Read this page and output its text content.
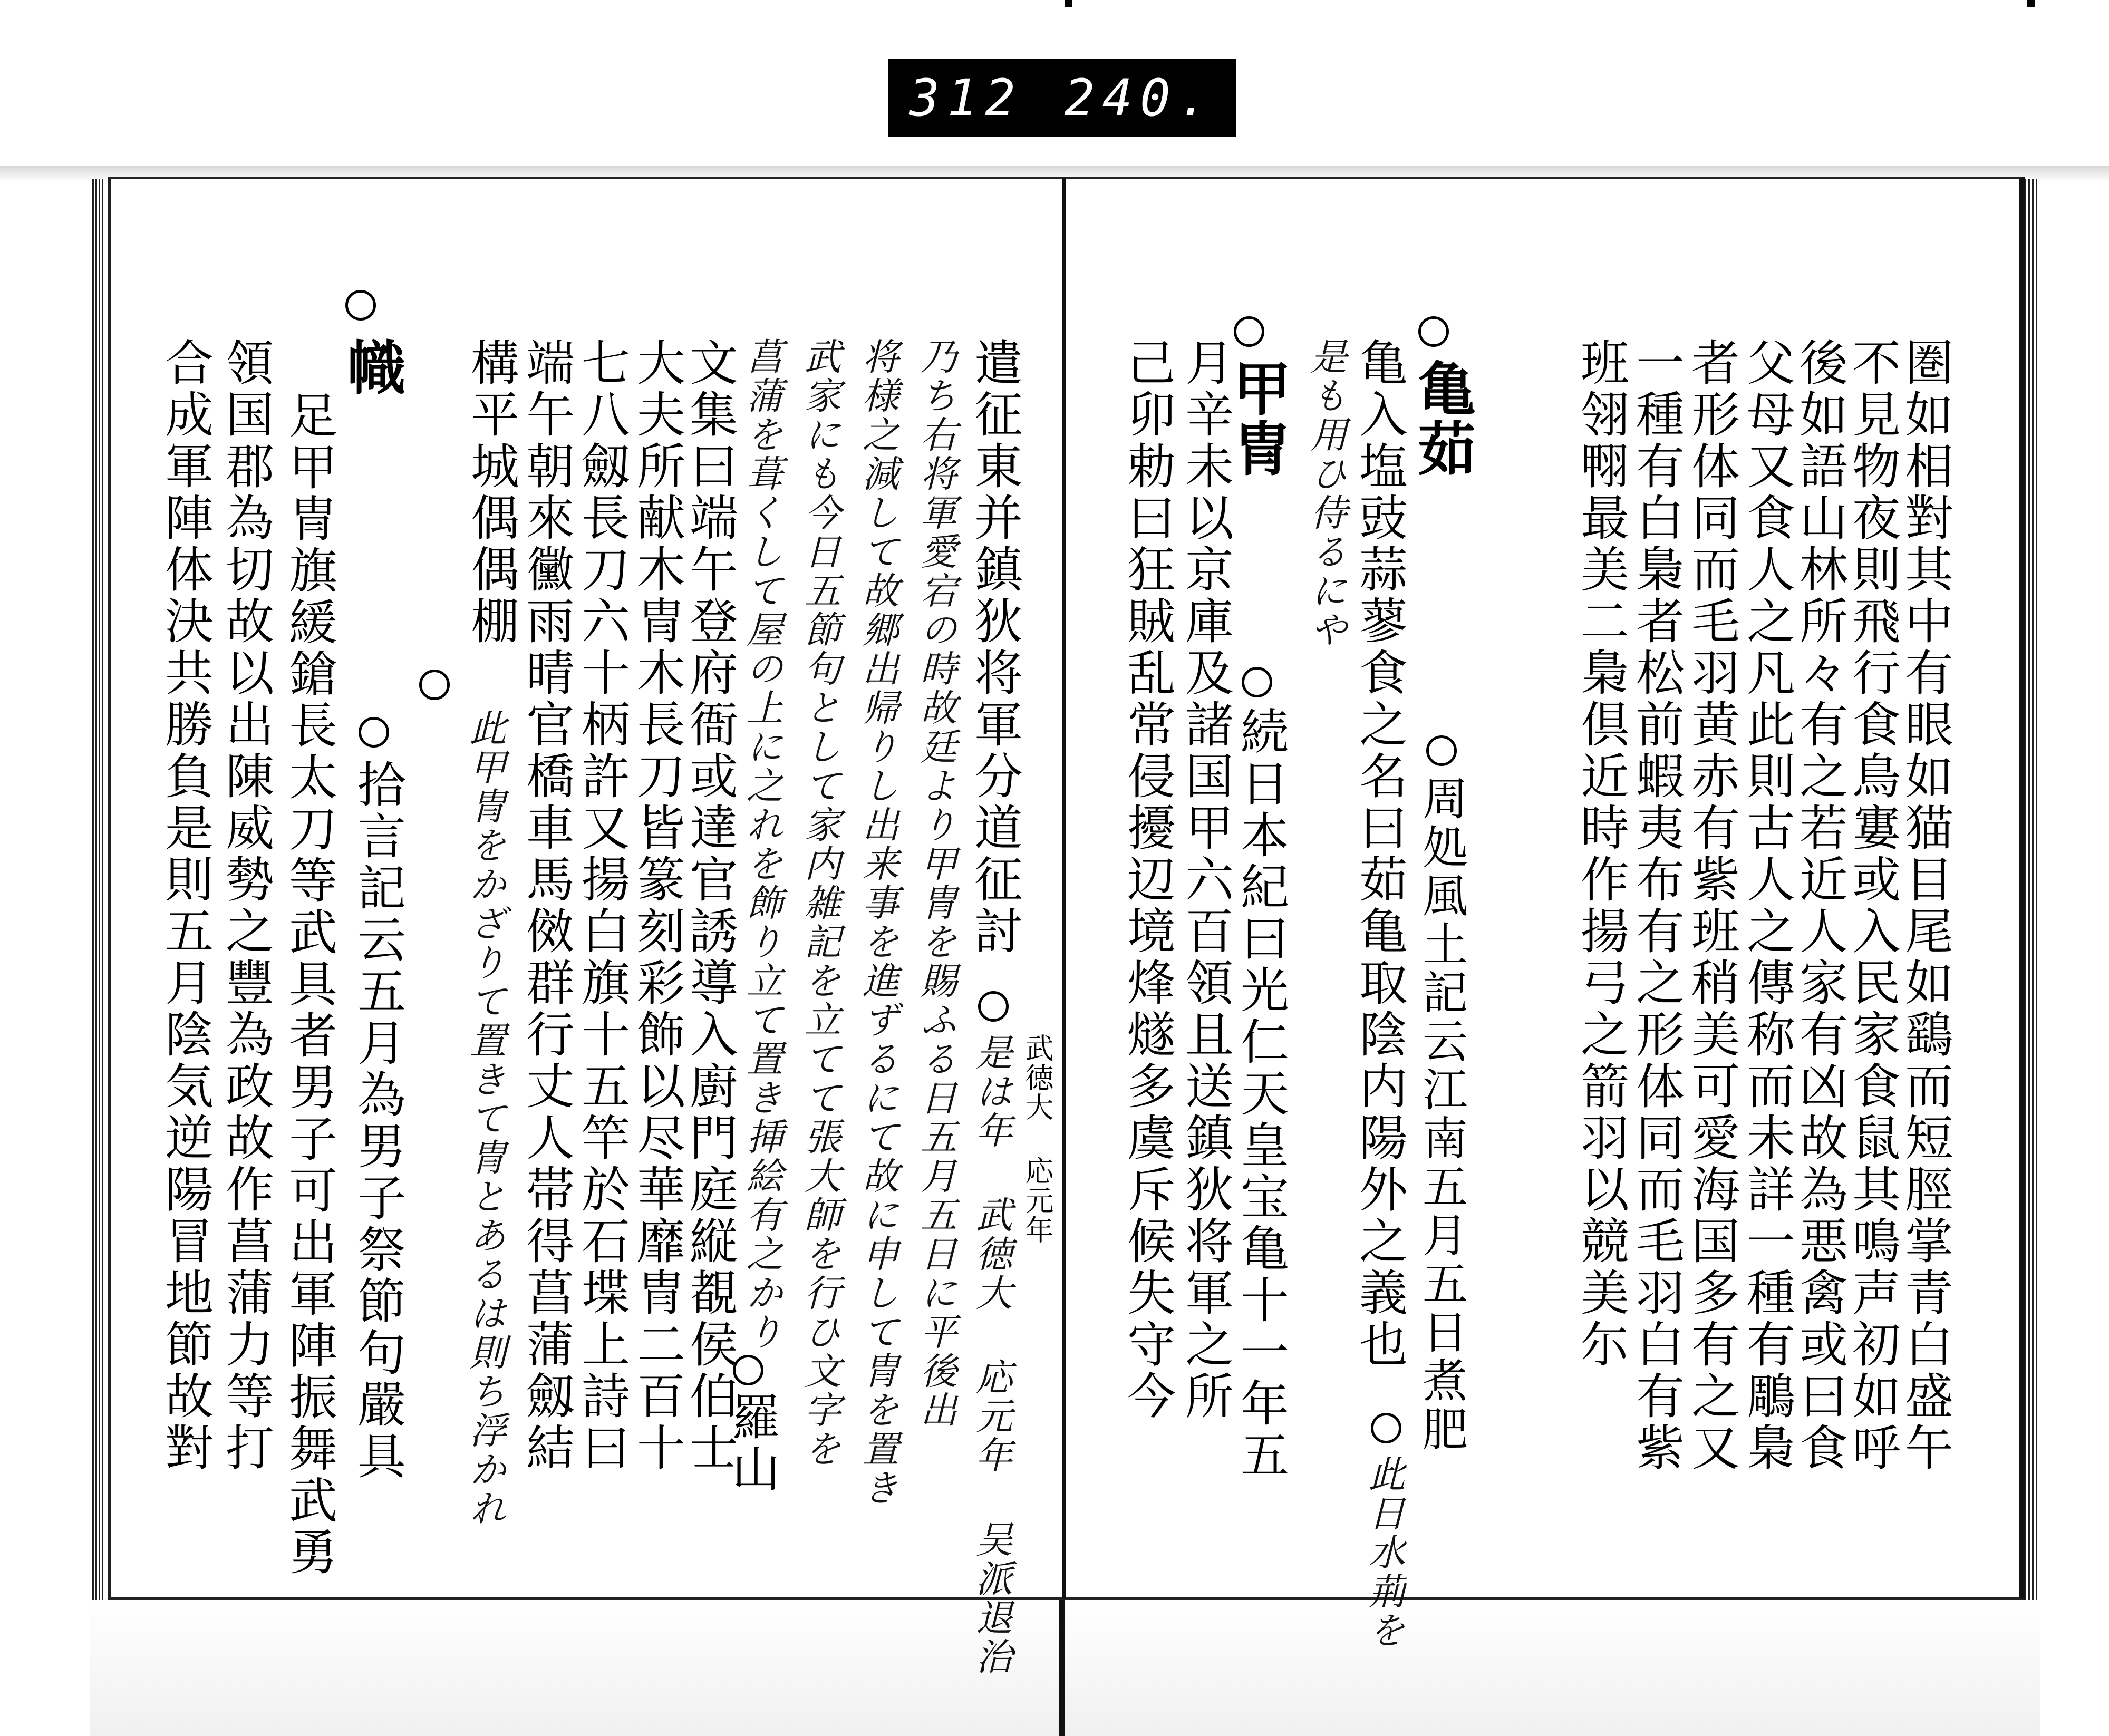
312 240.
圏如相對其中有眼如猫目尾如鷂而短脛掌青白盛午
不見物夜則飛行食鳥寠或入民家食鼠其鳴声初如呼
後如語山林所々有之若近人家有凶故為悪禽或曰食
父母又食人之凡此則古人之傳称而未詳一種有鵰梟
者形体同而毛羽黄赤有紫班稍美可愛海国多有之又
一種有白梟者松前蝦夷布有之形体同而毛羽白有紫
班翎翈最美二梟倶近時作揚弓之箭羽以競美尓
亀茹
亀入塩豉蒜蓼食之名曰茹亀取陰内陽外之義也 周処風土記云江南五月五日煮肥
是も用ひ侍るにや
此日水荊を
甲冑
月辛未以京庫及諸国甲六百領且送鎮狄将軍之所
続日本紀曰光仁天皇宝亀十一年五
己卯勅曰狂賊乱常侵擾辺境烽燧多虞斥候失守今
遣征東并鎮狄将軍分道征討
武徳大 応元年
是は年 武徳大 応元年 吴派退治
乃ち右将軍愛宕の時故廷より甲冑を賜ふる日五月五日に平後出
将様之減して故郷出帰りし出来事を進ずるにて故に申して冑を置き
武家にも今日五節句として家内雑記を立てて張大師を行ひ文字を
菖蒲を葺くして屋の上に之れを飾り立て置き挿絵有之かり
文集曰端午登府衙或達官誘導入廚門庭縦覩侯伯士
羅山
大夫所献木冑木長刀皆篆刻彩飾以尽華靡冑二百十
七八劔長刀六十柄許又揚白旗十五竿於石堞上詩曰
端午朝來黴雨晴官橋車馬傚群行丈人帯得菖蒲劔結
構平城偶偶棚
此甲冑をかざりて置きて冑とあるは則ち浮かれ
幟
拾言記云五月為男子祭節句嚴具
足甲冑旗緩鎗長太刀等武具者男子可出軍陣振舞武勇
領国郡為切故以出陳威勢之豐為政故作菖蒲力等打
合成軍陣体決共勝負是則五月陰気逆陽冒地節故對
